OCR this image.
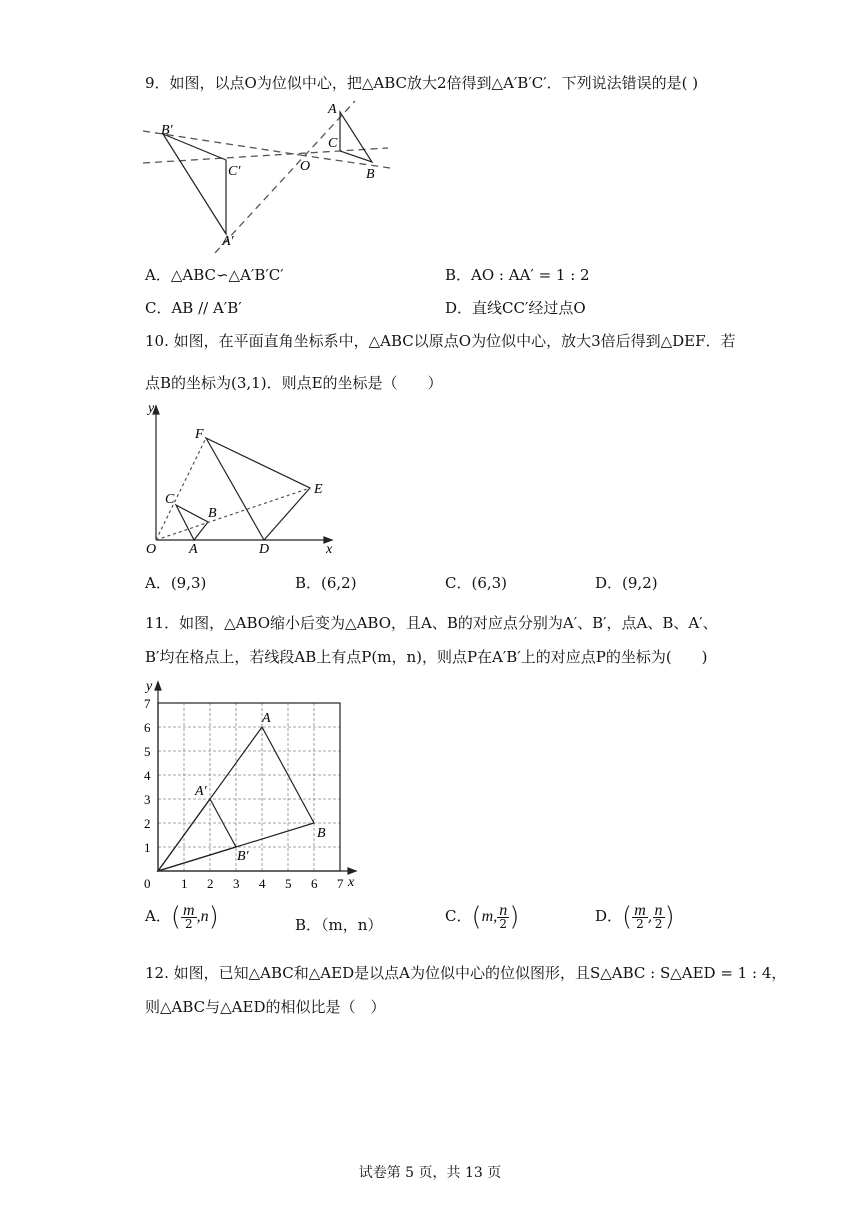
9．如图，以点O为位似中心，把△ABC放大2倍得到△A′B′C′．下列说法错误的是( )
B′
C′
A′
O
A
C
B
A．△ABC∽△A′B′C′	B．AO : AA′ = 1 : 2
C．AB // A′B′	D．直线CC′经过点O
10. 如图，在平面直角坐标系中，△ABC以原点O为位似中心，放大3倍后得到△DEF．若
点B的坐标为(3,1)．则点E的坐标是（　　）
y
x
O A
B
C
D
E
F
A．(9,3)	B．(6,2)	C．(6,3)	D．(9,2)
11．如图，△ABO缩小后变为△ABO，且A、B的对应点分别为A′、B′，点A、B、A′、
B′均在格点上，若线段AB上有点P(m，n)，则点P在A′B′上的对应点P的坐标为(　　)
0 1 2 3 4 5 6 7
1
2
3
4
5
6
7
y
x
A
B
A′
B′
A．( $\frac{m}{2} ,n$)	B．（m，n）	C．(m, $\frac{n}{2}$ )	D．( $\frac{m}{2}$ , $\frac{n}{2}$ )
12. 如图，已知△ABC和△AED是以点A为位似中心的位似图形，且S△ABC : S△AED = 1 : 4，
则△ABC与△AED的相似比是（　）
试卷第 5 页，共 13 页
